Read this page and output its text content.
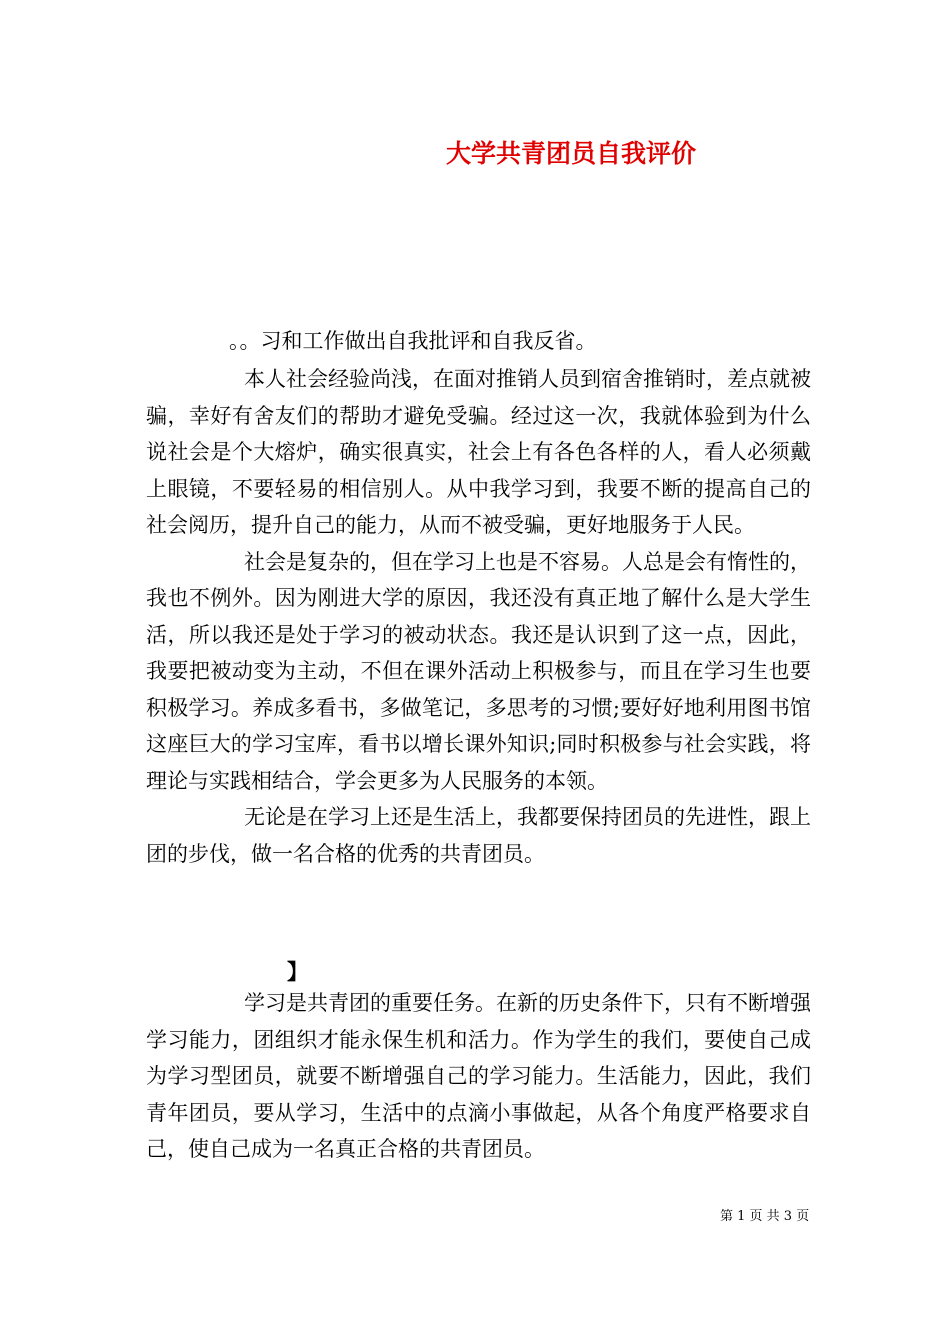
大学共青团员自我评价
。。习和工作做出自我批评和自我反省。

本人社会经验尚浅，在面对推销人员到宿舍推销时，差点就被骗，幸好有舍友们的帮助才避免受骗。经过这一次，我就体验到为什么说社会是个大熔炉，确实很真实，社会上有各色各样的人，看人必须戴上眼镜，不要轻易的相信别人。从中我学习到，我要不断的提高自己的社会阅历，提升自己的能力，从而不被受骗，更好地服务于人民。

社会是复杂的，但在学习上也是不容易。人总是会有惰性的，我也不例外。因为刚进大学的原因，我还没有真正地了解什么是大学生活，所以我还是处于学习的被动状态。我还是认识到了这一点，因此，我要把被动变为主动，不但在课外活动上积极参与，而且在学习生也要积极学习。养成多看书，多做笔记，多思考的习惯;要好好地利用图书馆这座巨大的学习宝库，看书以增长课外知识;同时积极参与社会实践，将理论与实践相结合，学会更多为人民服务的本领。

无论是在学习上还是生活上，我都要保持团员的先进性，跟上团的步伐，做一名合格的优秀的共青团员。

】

学习是共青团的重要任务。在新的历史条件下，只有不断增强学习能力，团组织才能永保生机和活力。作为学生的我们，要使自己成为学习型团员，就要不断增强自己的学习能力。生活能力，因此，我们青年团员，要从学习，生活中的点滴小事做起，从各个角度严格要求自己，使自己成为一名真正合格的共青团员。

第 1 页 共 3 页
